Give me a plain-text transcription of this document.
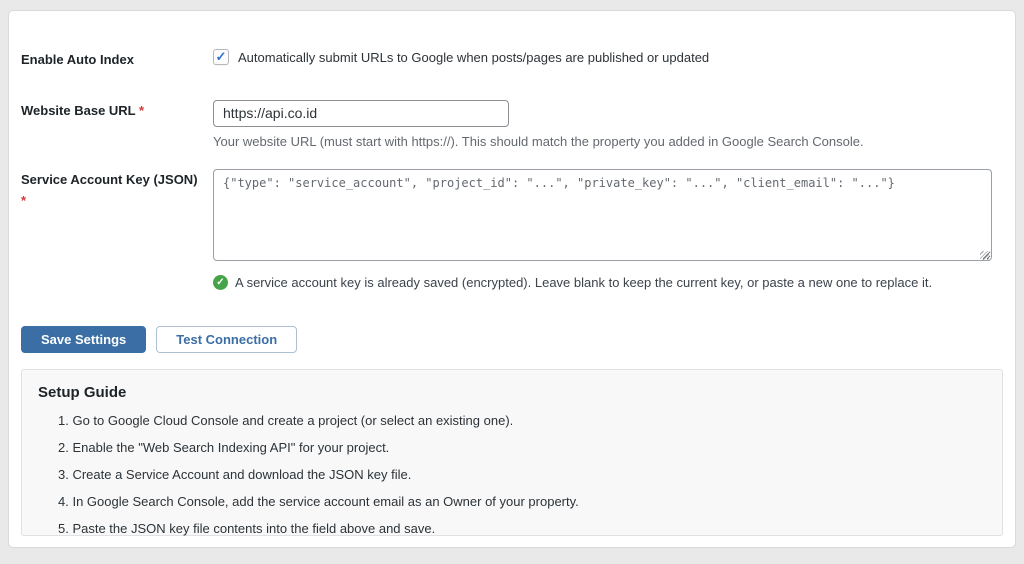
Enable Auto Index	✓ Automatically submit URLs to Google when posts/pages are published or updated
Website Base URL *
https://api.co.id
Your website URL (must start with https://). This should match the property you added in Google Search Console.
Service Account Key (JSON)
*
{"type": "service_account", "project_id": "...", "private_key": "...", "client_email": "..."}
✓ A service account key is already saved (encrypted). Leave blank to keep the current key, or paste a new one to replace it.
Save Settings	Test Connection
Setup Guide
1. Go to Google Cloud Console and create a project (or select an existing one).
2. Enable the "Web Search Indexing API" for your project.
3. Create a Service Account and download the JSON key file.
4. In Google Search Console, add the service account email as an Owner of your property.
5. Paste the JSON key file contents into the field above and save.
